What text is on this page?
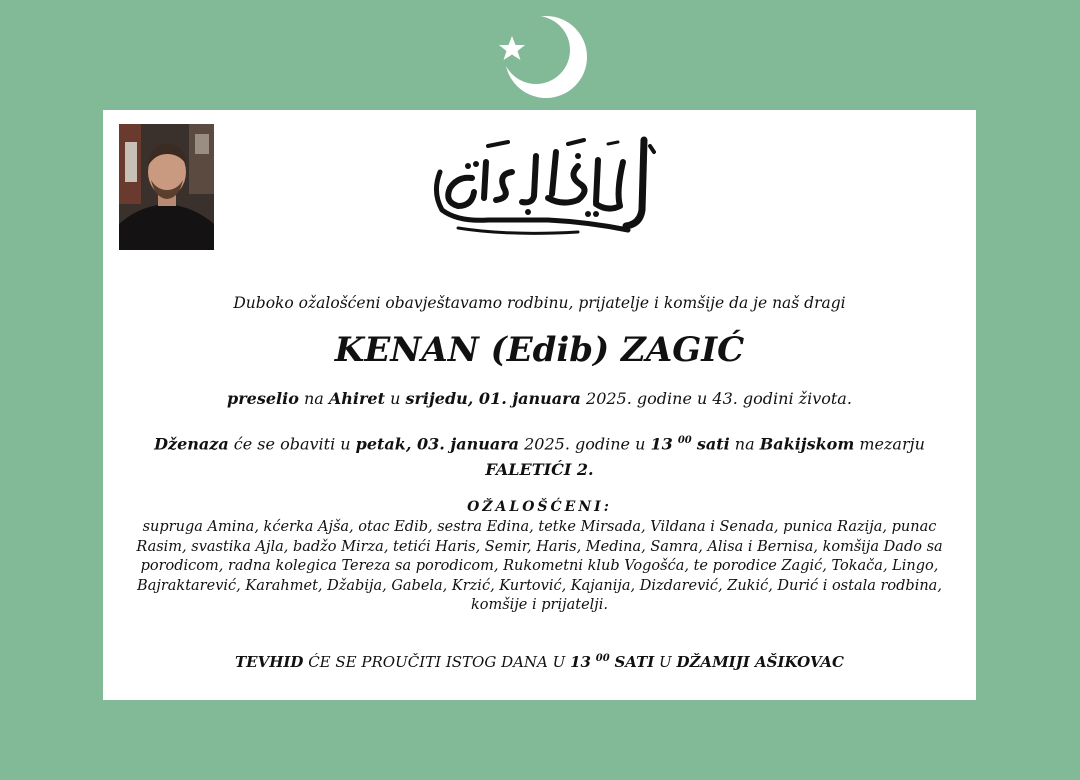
Duboko ožalošćeni obavještavamo rodbinu, prijatelje i komšije da je naš dragi
KENAN (Edib) ZAGIĆ
preselio na Ahiret u srijedu, 01. januara 2025. godine u 43. godini života.
Dženaza će se obaviti u petak, 03. januara 2025. godine u 13 $^{00}$ sati na Bakijskom mezarju FALETIĆI 2.
OŽALOŠĆENI:
supruga Amina, kćerka Ajša, otac Edib, sestra Edina, tetke Mirsada, Vildana i Senada, punica Razija, punac Rasim, svastika Ajla, badžo Mirza, tetići Haris, Semir, Haris, Medina, Samra, Alisa i Bernisa, komšija Dado sa porodicom, radna kolegica Tereza sa porodicom, Rukometni klub Vogošća, te porodice Zagić, Tokača, Lingo, Bajraktarević, Karahmet, Džabija, Gabela, Krzić, Kurtović, Kajanija, Dizdarević, Zukić, Durić i ostala rodbina, komšije i prijatelji.
TEVHID ĆE SE PROUČITI ISTOG DANA U 13 $^{00}$ SATI U DŽAMIJI AŠIKOVAC
